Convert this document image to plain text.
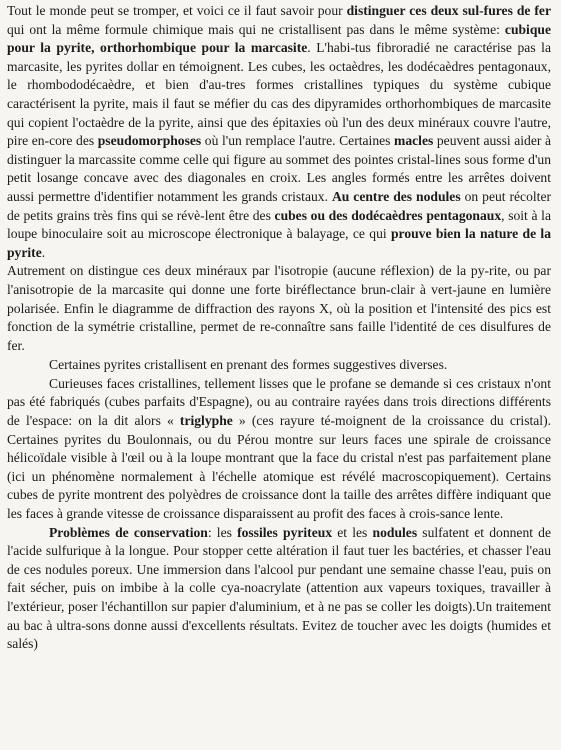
Tout le monde peut se tromper, et voici ce il faut savoir pour distinguer ces deux sul-fures de fer qui ont la même formule chimique mais qui ne cristallisent pas dans le même système: cubique pour la pyrite, orthorhombique pour la marcasite. L'habi-tus fibroradié ne caractérise pas la marcasite, les pyrites dollar en témoignent. Les cubes, les octaèdres, les dodécaèdres pentagonaux, le rhombododécaèdre, et bien d'au-tres formes cristallines typiques du système cubique caractérisent la pyrite, mais il faut se méfier du cas des dipyramides orthorhombiques de marcasite qui copient l'octaèdre de la pyrite, ainsi que des épitaxies où l'un des deux minéraux couvre l'autre, pire en-core des pseudomorphoses où l'un remplace l'autre. Certaines macles peuvent aussi aider à distinguer la marcassite comme celle qui figure au sommet des pointes cristal-lines sous forme d'un petit losange concave avec des diagonales en croix. Les angles formés entre les arrêtes doivent aussi permettre d'identifier notamment les grands cristaux. Au centre des nodules on peut récolter de petits grains très fins qui se révè-lent être des cubes ou des dodécaèdres pentagonaux, soit à la loupe binoculaire soit au microscope électronique à balayage, ce qui prouve bien la nature de la pyrite.

Autrement on distingue ces deux minéraux par l'isotropie (aucune réflexion) de la py-rite, ou par l'anisotropie de la marcasite qui donne une forte biréflectance brun-clair à vert-jaune en lumière polarisée. Enfin le diagramme de diffraction des rayons X, où la position et l'intensité des pics est fonction de la symétrie cristalline, permet de re-connaître sans faille l'identité de ces disulfures de fer.

Certaines pyrites cristallisent en prenant des formes suggestives diverses.

Curieuses faces cristallines, tellement lisses que le profane se demande si ces cristaux n'ont pas été fabriqués (cubes parfaits d'Espagne), ou au contraire rayées dans trois directions différents de l'espace: on la dit alors « triglyphe » (ces rayure té-moignent de la croissance du cristal). Certaines pyrites du Boulonnais, ou du Pérou montre sur leurs faces une spirale de croissance hélicoïdale visible à l'œil ou à la loupe montrant que la face du cristal n'est pas parfaitement plane (ici un phénomène normalement à l'échelle atomique est révélé macroscopiquement). Certains cubes de pyrite montrent des polyèdres de croissance dont la taille des arrêtes diffère indiquant que les faces à grande vitesse de croissance disparaissent au profit des faces à crois-sance lente.

Problèmes de conservation: les fossiles pyriteux et les nodules sulfatent et donnent de l'acide sulfurique à la longue. Pour stopper cette altération il faut tuer les bactéries, et chasser l'eau de ces nodules poreux. Une immersion dans l'alcool pur pendant une semaine chasse l'eau, puis on fait sécher, puis on imbibe à la colle cya-noacrylate (attention aux vapeurs toxiques, travailler à l'extérieur, poser l'échantillon sur papier d'aluminium, et à ne pas se coller les doigts).Un traitement au bac à ultra-sons donne aussi d'excellents résultats. Evitez de toucher avec les doigts (humides et salés)
